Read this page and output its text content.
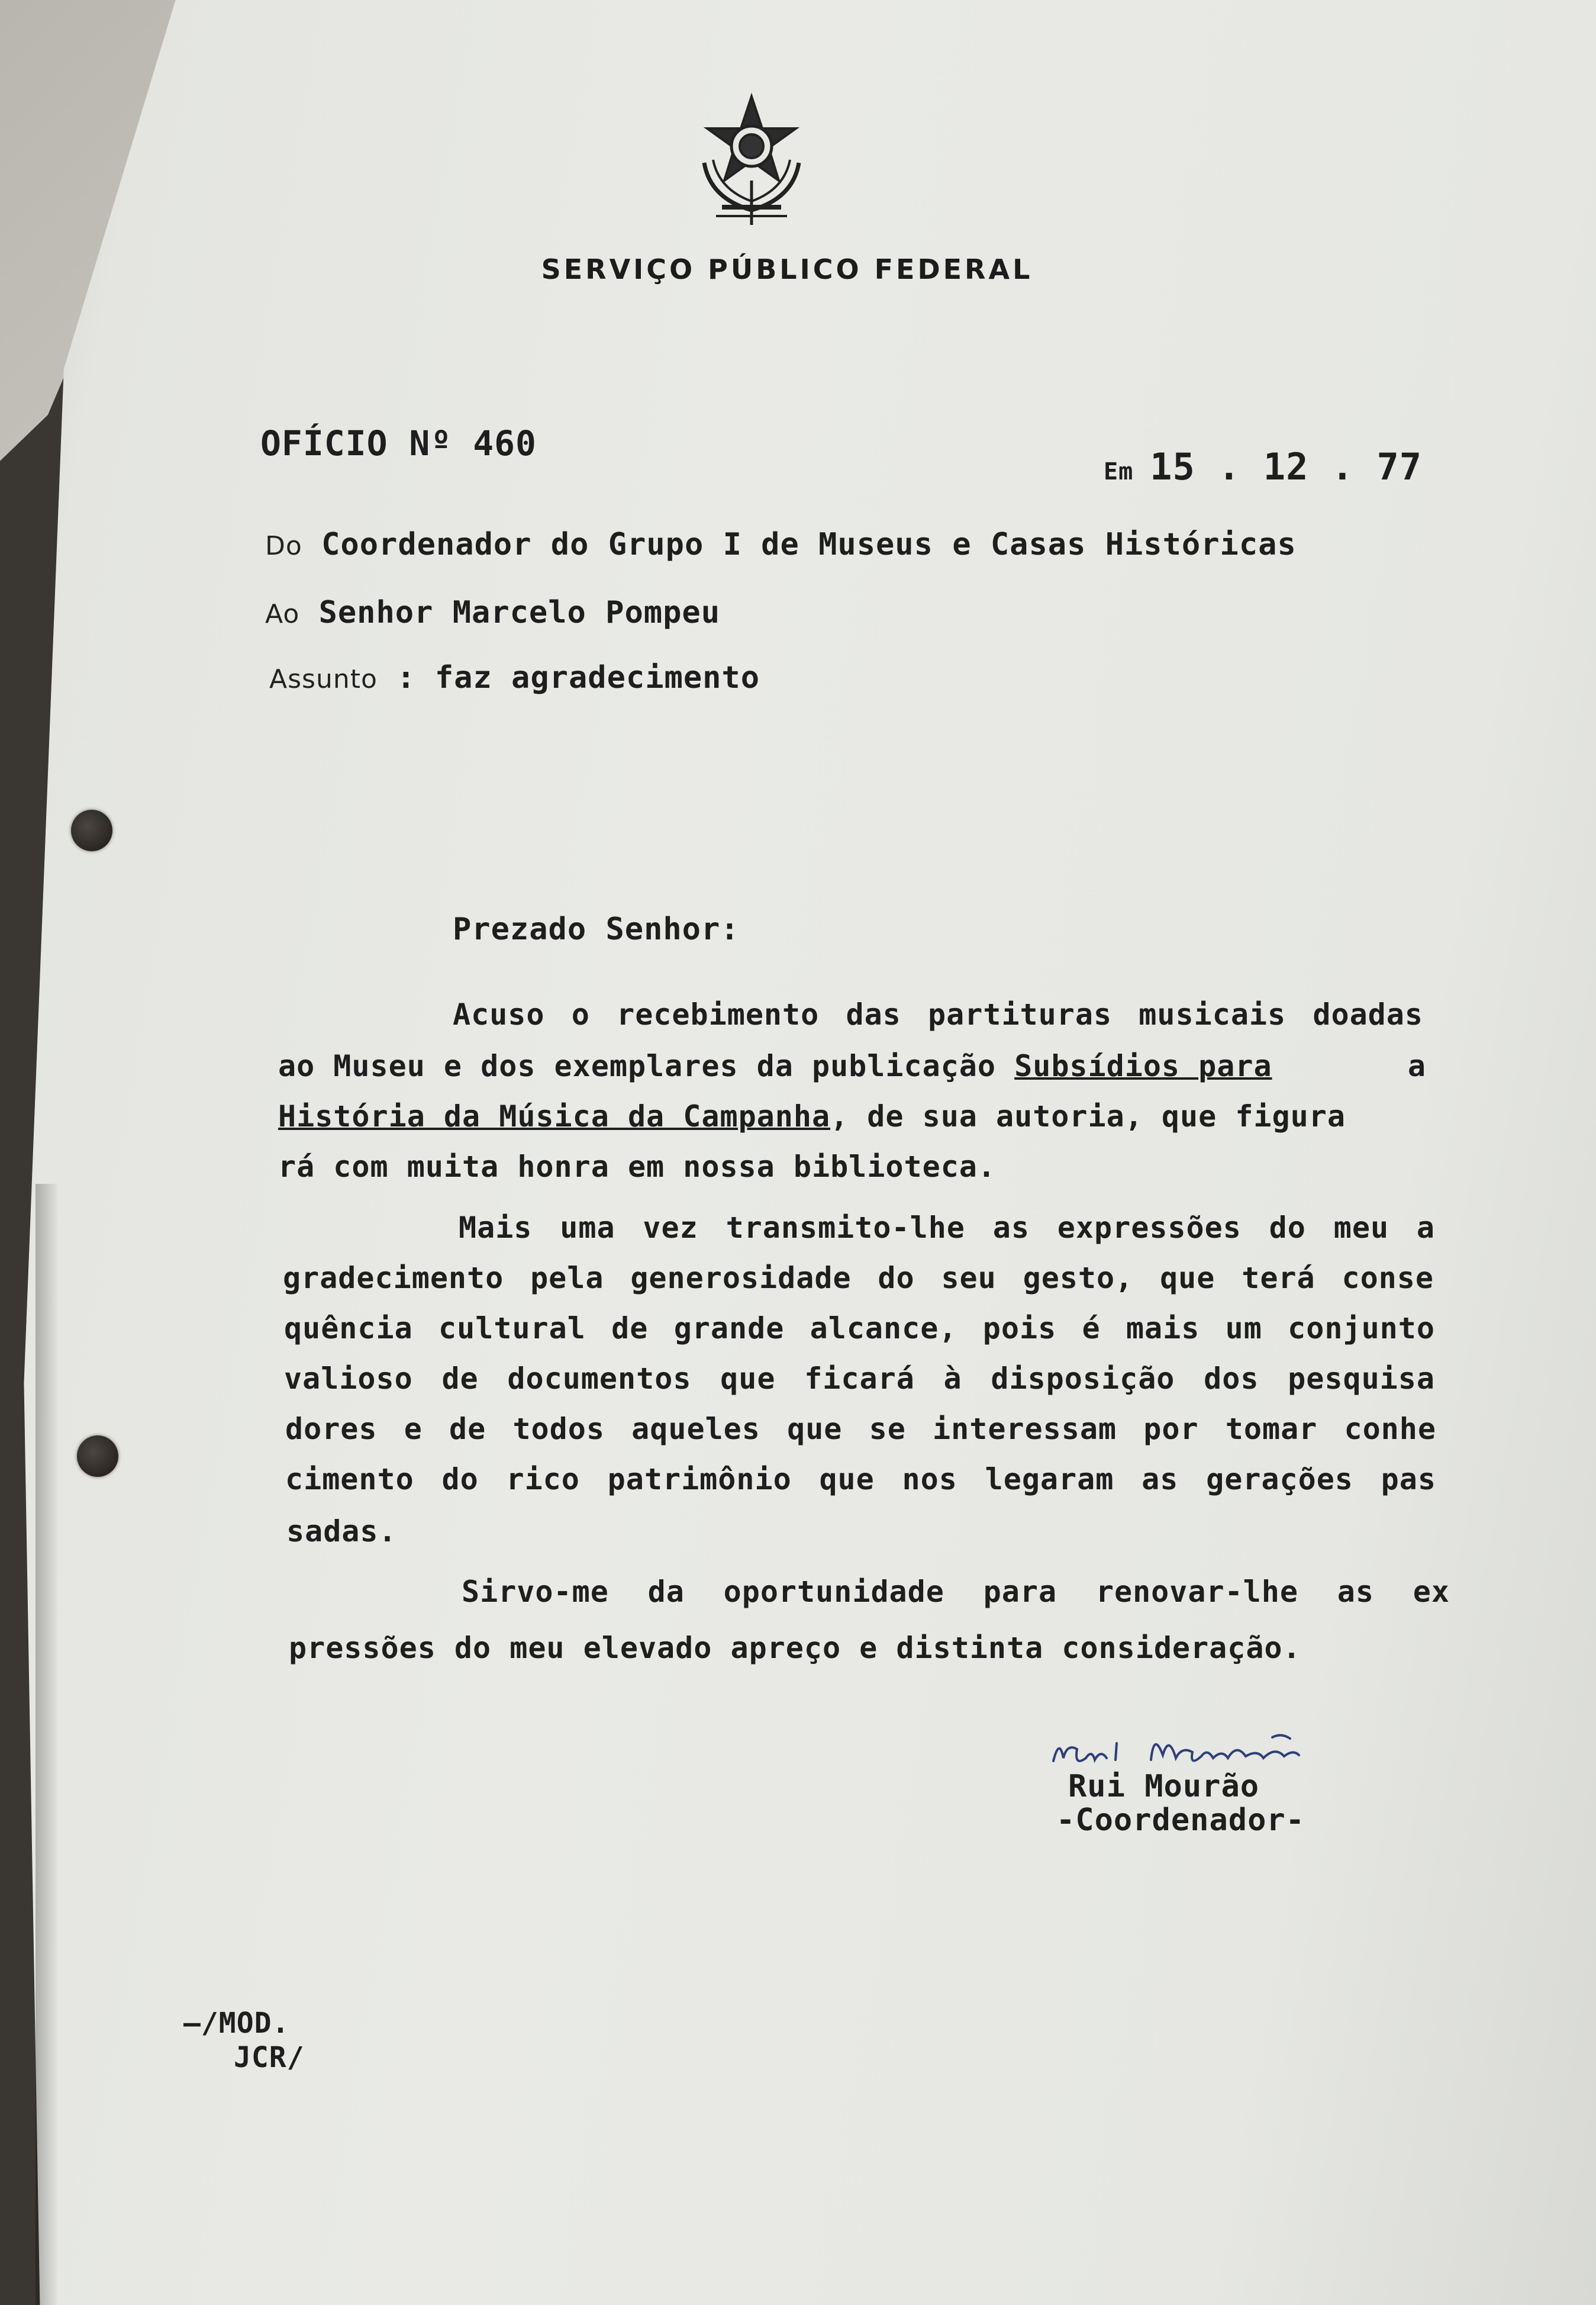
SERVIÇO PÚBLICO FEDERAL
OFÍCIO Nº 460
Em 15 . 12 . 77
Do Coordenador do Grupo I de Museus e Casas Históricas
Ao Senhor Marcelo Pompeu
Assunto : faz agradecimento
Prezado Senhor:
Acuso o recebimento das partituras musicais doadas
ao Museu e dos exemplares da publicação Subsídios para	a
História da Música da Campanha, de sua autoria, que figura
rá com muita honra em nossa biblioteca.
Mais uma vez transmito-lhe as expressões do meu a
gradecimento pela generosidade do seu gesto, que terá conse
quência cultural de grande alcance, pois é mais um conjunto
valioso de documentos que ficará à disposição dos pesquisa
dores e de todos aqueles que se interessam por tomar conhe
cimento do rico patrimônio que nos legaram as gerações pas
sadas.
Sirvo-me da oportunidade para renovar-lhe as ex
pressões do meu elevado apreço e distinta consideração.
Rui Mourão
-Coordenador-
—/MOD.
JCR/
